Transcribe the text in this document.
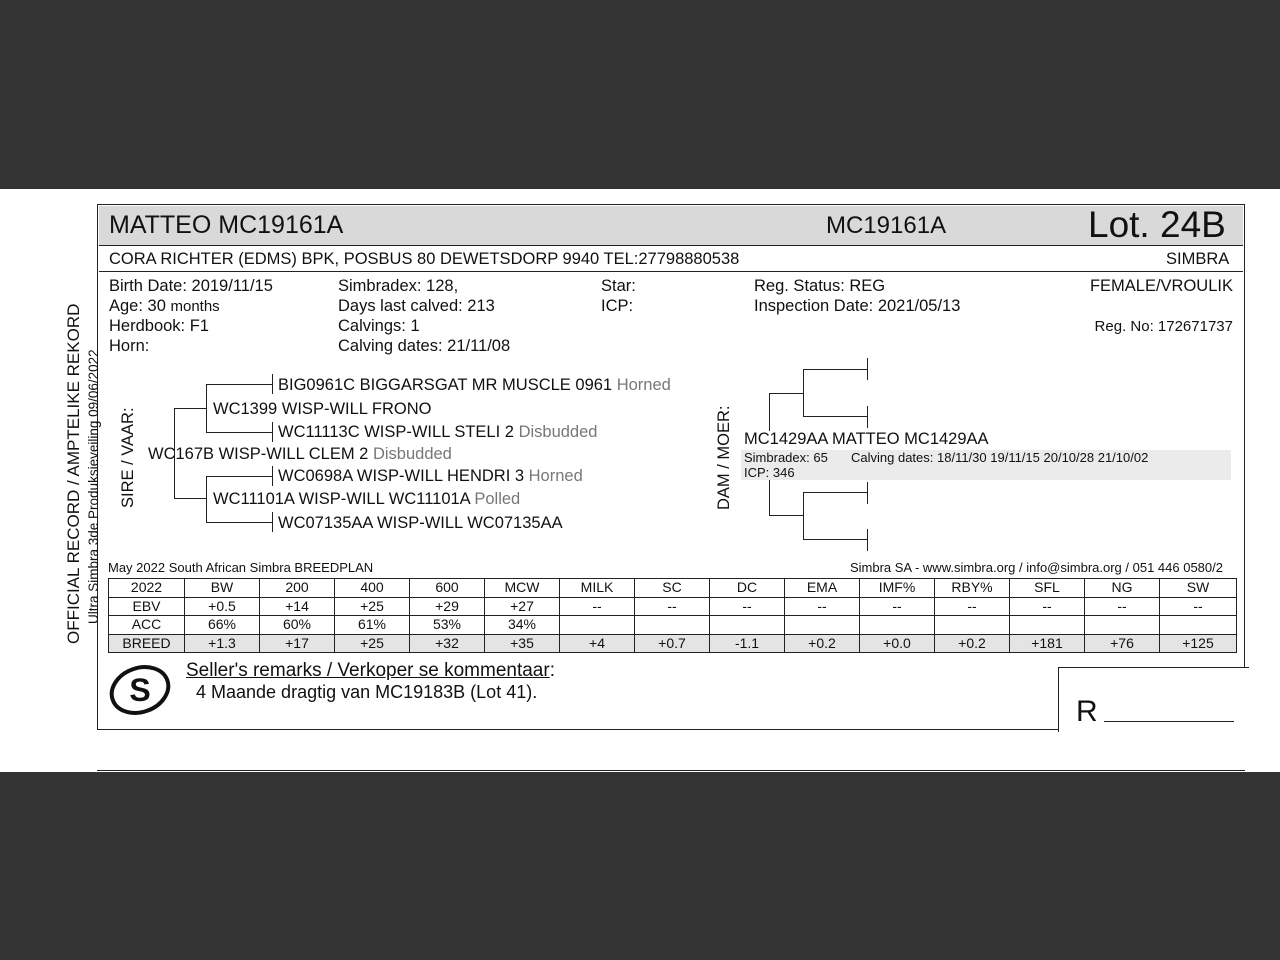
MATTEO MC19161A	MC19161A	Lot. 24B
CORA RICHTER (EDMS) BPK, POSBUS 80 DEWETSDORP 9940 TEL:27798880538	SIMBRA
Birth Date: 2019/11/15
Age: 30 months
Herdbook: F1
Horn:
Simbradex: 128,
Days last calved: 213
Calvings: 1
Calving dates: 21/11/08
Star:
ICP:
Reg. Status: REG
Inspection Date: 2021/05/13
FEMALE/VROULIK
Reg. No: 172671737
OFFICIAL RECORD / AMPTELIKE REKORD Ultra Simbra 3de Produksieveiling 09/06/2022 SIRE / VAAR:	DAM / MOER:
BIG0961C BIGGARSGAT MR MUSCLE 0961 Horned
WC1399 WISP-WILL FRONO
WC11113C WISP-WILL STELI 2 Disbudded
WC167B WISP-WILL CLEM 2 Disbudded
WC0698A WISP-WILL HENDRI 3 Horned
WC11101A WISP-WILL WC11101A Polled
WC07135AA WISP-WILL WC07135AA
MC1429AA MATTEO MC1429AA
Simbradex: 65 Calving dates: 18/11/30 19/11/15 20/10/28 21/10/02
ICP: 346
May 2022 South African Simbra BREEDPLAN	Simbra SA - www.simbra.org / info@simbra.org / 051 446 0580/2
2022	BW	200	400	600	MCW	MILK	SC	DC	EMA	IMF%	RBY%	SFL	NG	SW
EBV	+0.5	+14	+25	+29	+27	--	--	--	--	--	--	--	--	--
ACC	66%	60%	61%	53%	34%									
BREED	+1.3	+17	+25	+32	+35	+4	+0.7	-1.1	+0.2	+0.0	+0.2	+181	+76	+125
S
Seller's remarks / Verkoper se kommentaar:
4 Maande dragtig van MC19183B (Lot 41).
R
